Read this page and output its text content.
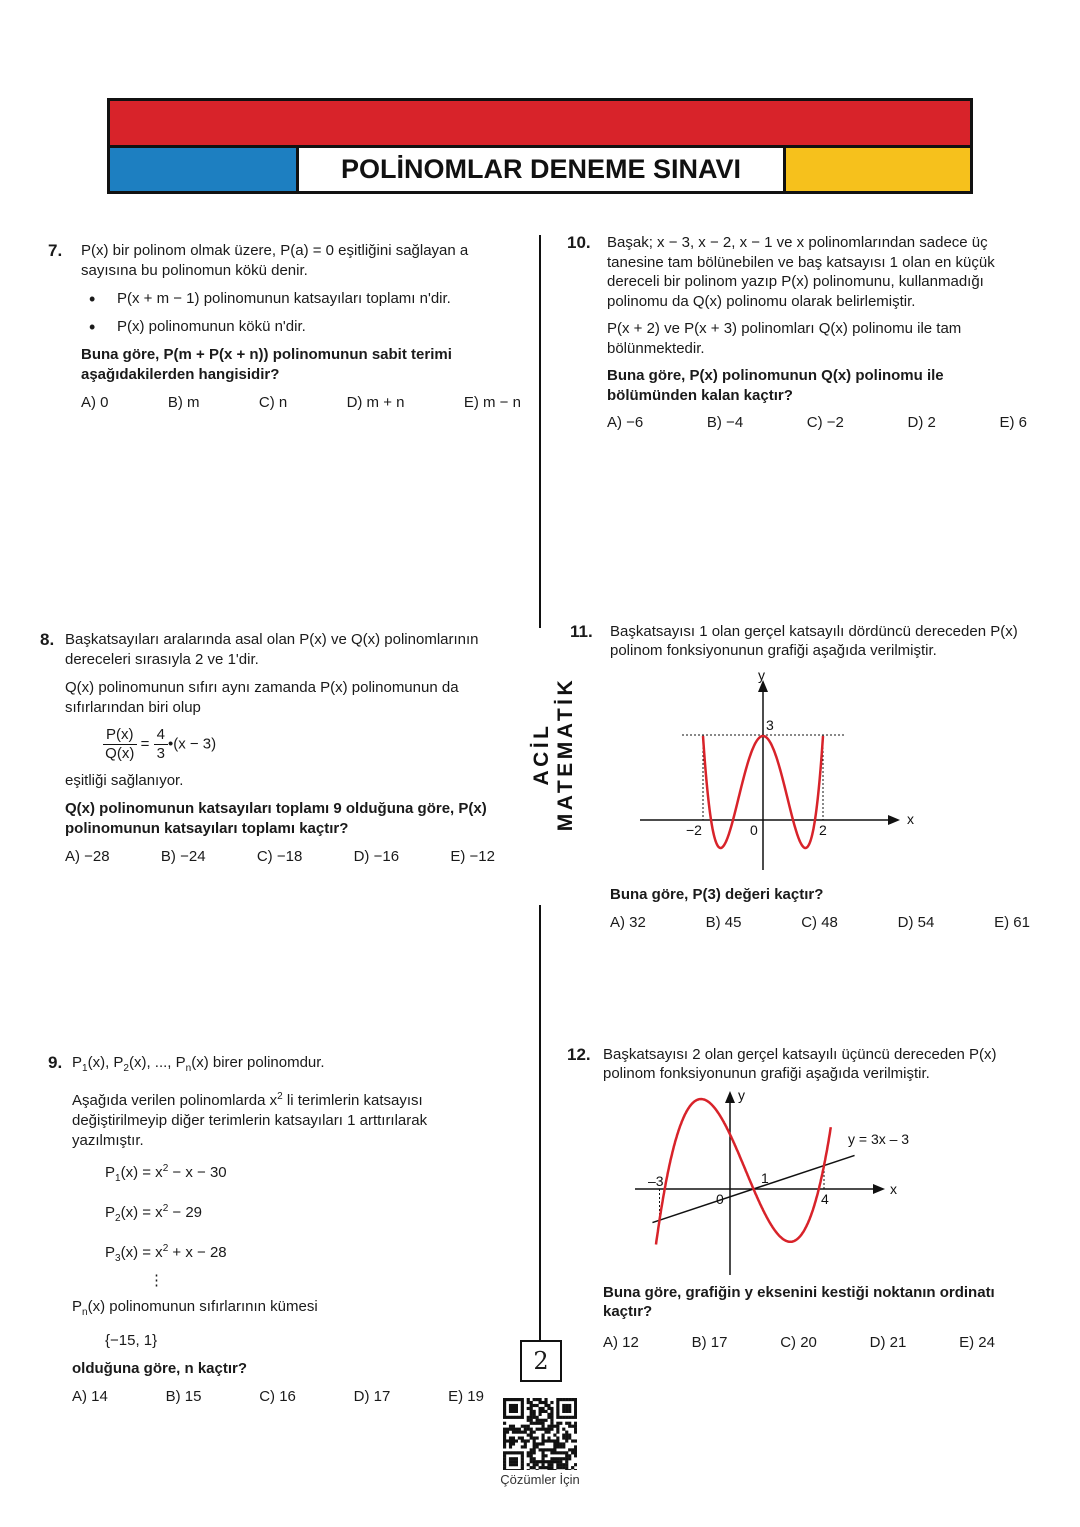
POLİNOMLAR DENEME SINAVI
ACİL MATEMATİK
7. P(x) bir polinom olmak üzere, P(a) = 0 eşitliğini sağlayan a sayısına bu polinomun kökü denir.

• P(x + m − 1) polinomunun katsayıları toplamı n'dir.
• P(x) polinomunun kökü n'dir.

Buna göre, P(m + P(x + n)) polinomunun sabit terimi aşağıdakilerden hangisidir?

A) 0	B) m	C) n	D) m + n	E) m − n
10. Başak; x − 3, x − 2, x − 1 ve x polinomlarından sadece üç tanesine tam bölünebilen ve baş katsayısı 1 olan en küçük dereceli bir polinom yazıp P(x) polinomunu, kullanmadığı polinomu da Q(x) polinomu olarak belirlemiştir.

P(x + 2) ve P(x + 3) polinomları Q(x) polinomu ile tam bölünmektedir.

Buna göre, P(x) polinomunun Q(x) polinomu ile bölümünden kalan kaçtır?

A) −6	B) −4	C) −2	D) 2	E) 6
8. Başkatsayıları aralarında asal olan P(x) ve Q(x) polinomlarının dereceleri sırasıyla 2 ve 1'dir.

Q(x) polinomunun sıfırı aynı zamanda P(x) polinomunun da sıfırlarından biri olup

$\frac{P(x)}{Q(x)} = \frac{4}{3}$ •(x − 3)

eşitliği sağlanıyor.

Q(x) polinomunun katsayıları toplamı 9 olduğuna göre, P(x) polinomunun katsayıları toplamı kaçtır?

A) −28	B) −24	C) −18	D) −16	E) −12
11. Başkatsayısı 1 olan gerçel katsayılı dördüncü dereceden P(x) polinom fonksiyonunun grafiği aşağıda verilmiştir.
x
y
3
−2	0	2

Buna göre, P(3) değeri kaçtır?

A) 32	B) 45	C) 48	D) 54	E) 61
9. $P_1(x)$, $P_2(x)$, ..., $P_n(x)$ birer polinomdur.

Aşağıda verilen polinomlarda $x^2$ li terimlerin katsayısı değiştirilmeyip diğer terimlerin katsayıları 1 arttırılarak yazılmıştır.

$P_1(x) = x^2 - x - 30$
$P_2(x) = x^2 - 29$
$P_3(x) = x^2 + x - 28$
⋮

$P_n(x)$ polinomunun sıfırlarının kümesi

{−15, 1}

olduğuna göre, n kaçtır?

A) 14	B) 15	C) 16	D) 17	E) 19
12. Başkatsayısı 2 olan gerçel katsayılı üçüncü dereceden P(x) polinom fonksiyonunun grafiği aşağıda verilmiştir.
x
y
y = 3x – 3
–3
0
1
4

Buna göre, grafiğin y eksenini kestiği noktanın ordinatı kaçtır?

A) 12	B) 17	C) 20	D) 21	E) 24
2
Çözümler İçin
